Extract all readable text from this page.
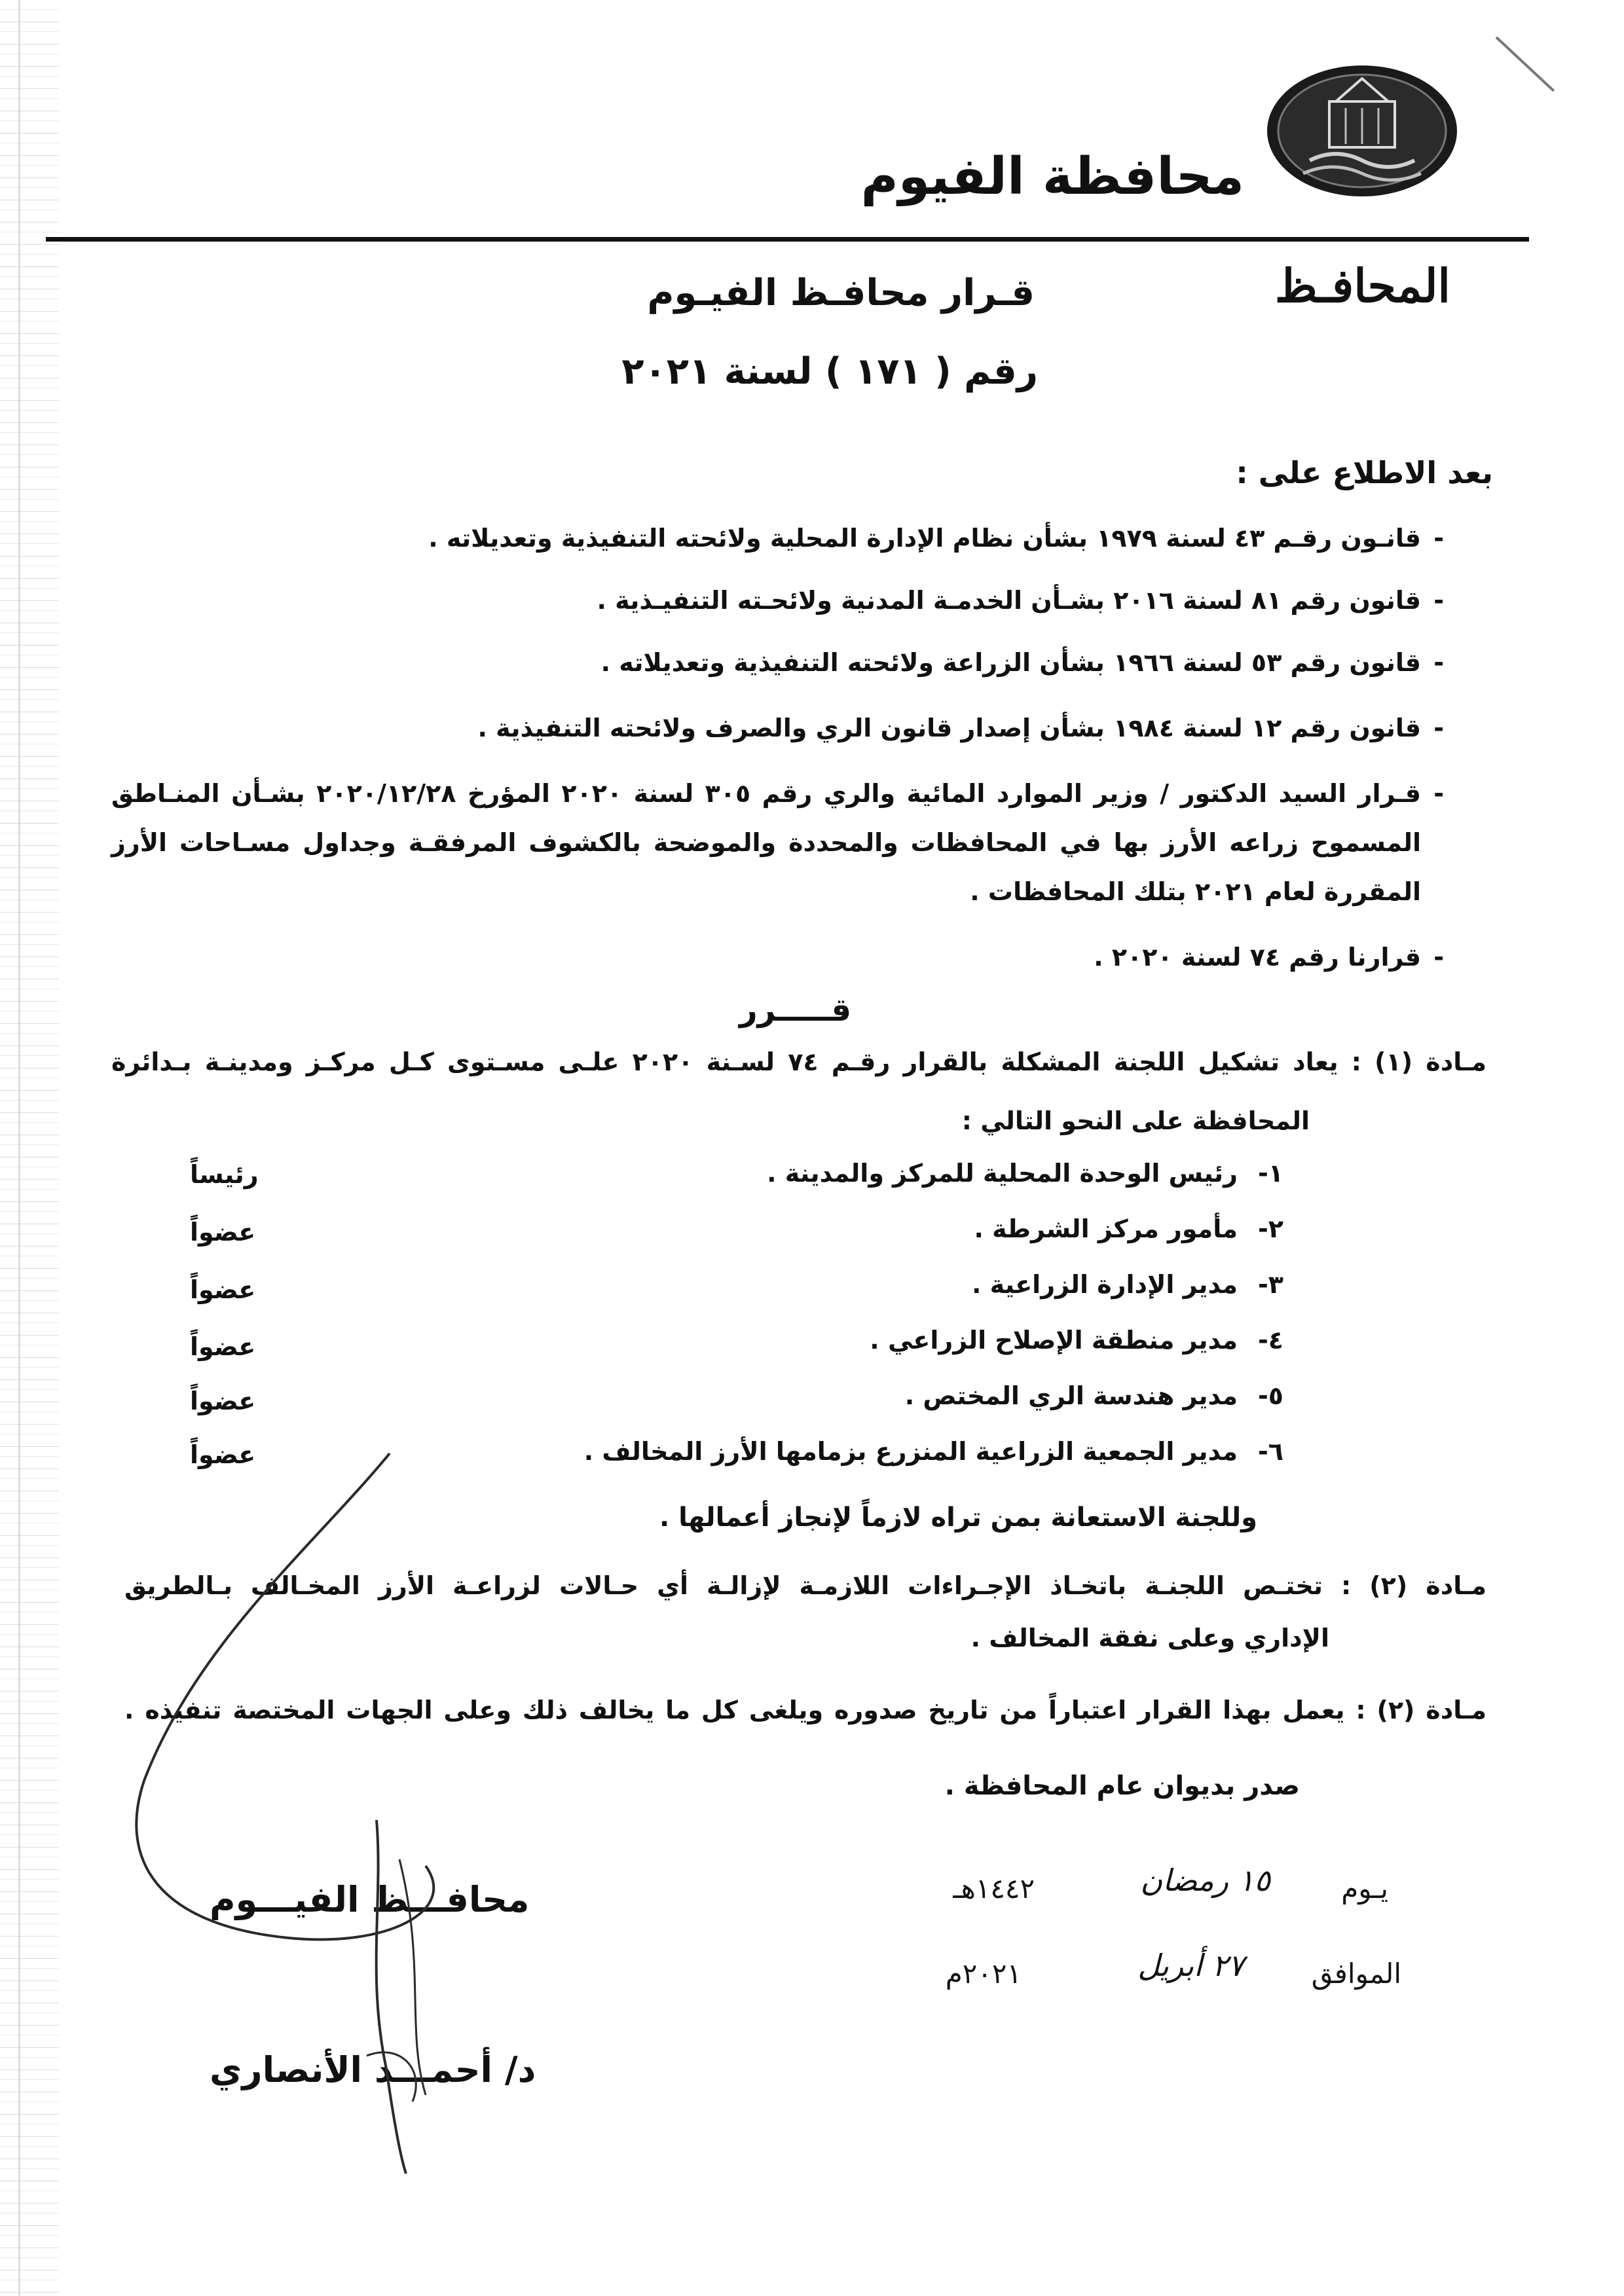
محافظة الفيوم
المحافـظ
قـرار محافـظ الفيـوم
رقم ( ١٧١ ) لسنة ٢٠٢١
بعد الاطلاع على :
-
قانـون رقـم ٤٣ لسنة ١٩٧٩ بشأن نظام الإدارة المحلية ولائحته التنفيذية وتعديلاته .
-
قانون رقم ٨١ لسنة ٢٠١٦ بشـأن الخدمـة المدنية ولائحـته التنفيـذية .
-
قانون رقم ٥٣ لسنة ١٩٦٦ بشأن الزراعة ولائحته التنفيذية وتعديلاته .
-
قانون رقم ١٢ لسنة ١٩٨٤ بشأن إصدار قانون الري والصرف ولائحته التنفيذية .
-
قـرار السيد الدكتور / وزير الموارد المائية والري رقم ٣٠٥ لسنة ٢٠٢٠ المؤرخ ٢٠٢٠/١٢/٢٨ بشـأن المنـاطق
المسموح زراعه الأرز بها في المحافظات والمحددة والموضحة بالكشوف المرفقـة وجداول مسـاحات الأرز
المقررة لعام ٢٠٢١ بتلك المحافظات .
-
قرارنا رقم ٧٤ لسنة ٢٠٢٠ .
قـــــرر
مـادة (١) : يعاد تشكيل اللجنة المشكلة بالقرار رقـم ٧٤ لسـنة ٢٠٢٠ علـى مسـتوى كـل مركـز ومدينـة بـدائرة
المحافظة على النحو التالي :
١-
رئيس الوحدة المحلية للمركز والمدينة .
رئيساً
٢-
مأمور مركز الشرطة .
عضواً
٣-
مدير الإدارة الزراعية .
عضواً
٤-
مدير منطقة الإصلاح الزراعي .
عضواً
٥-
مدير هندسة الري المختص .
عضواً
٦-
مدير الجمعية الزراعية المنزرع بزمامها الأرز المخالف .
عضواً
وللجنة الاستعانة بمن تراه لازماً لإنجاز أعمالها .
مـادة (٢) : تختـص اللجنـة باتخـاذ الإجـراءات اللازمـة لإزالـة أي حـالات لزراعـة الأرز المخـالف بـالطريق
الإداري وعلى نفقة المخالف .
مـادة (٢) : يعمل بهذا القرار اعتباراً من تاريخ صدوره ويلغى كل ما يخالف ذلك وعلى الجهات المختصة تنفيذه .
صدر بديوان عام المحافظة .
يـوم
١٥ رمضان
١٤٤٢هـ
الموافق
٢٧ أبريل
٢٠٢١م
محافـــظ الفيـــوم
د/ أحمـــد الأنصاري
